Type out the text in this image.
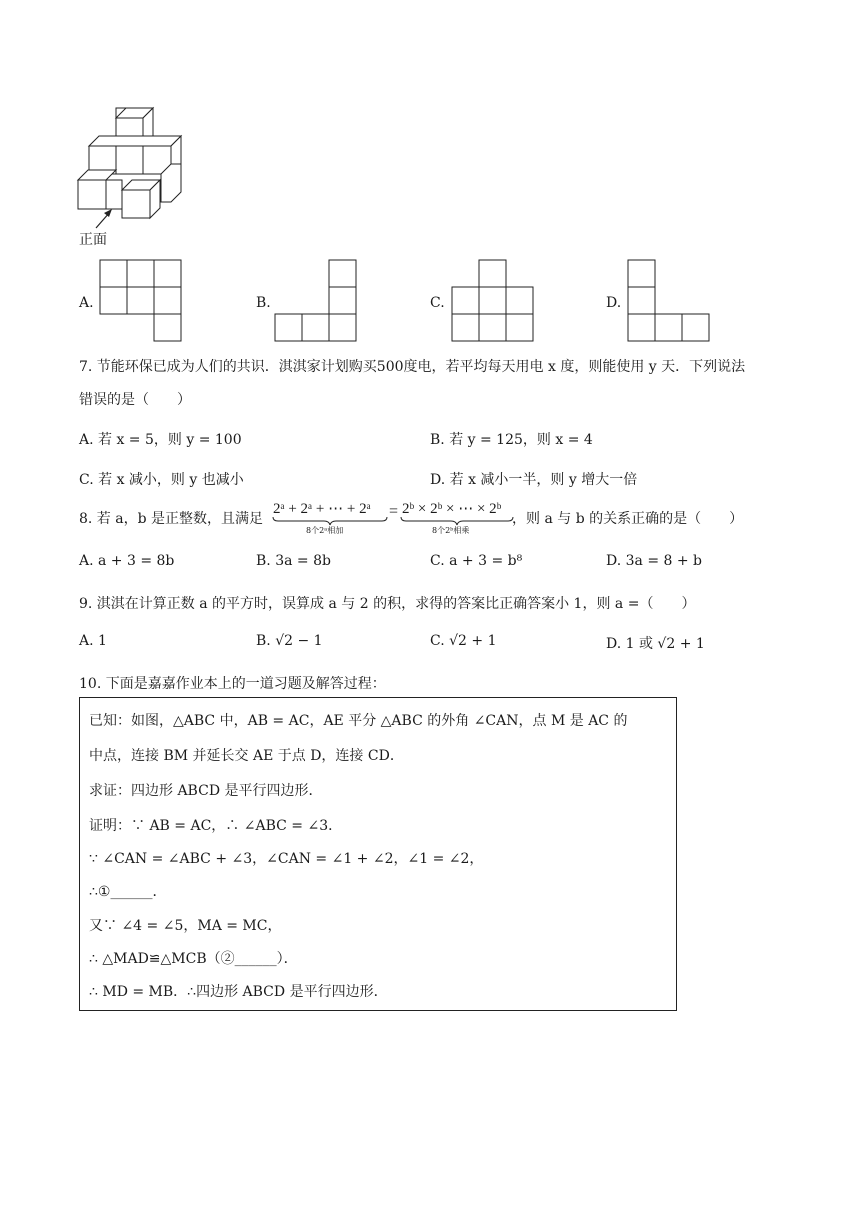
正面
A.	B.	C.	D.
7. 节能环保已成为人们的共识．淇淇家计划购买500度电，若平均每天用电 x 度，则能使用 y 天．下列说法
错误的是（　　）
A. 若 x = 5，则 y = 100	B. 若 y = 125，则 x = 4
C. 若 x 减小，则 y 也减小	D. 若 x 减小一半，则 y 增大一倍
8. 若 a，b 是正整数，且满足
2ᵃ + 2ᵃ + ⋯ + 2ᵃ
8个2ᵃ相加
= 2ᵇ × 2ᵇ × ⋯ × 2ᵇ
8个2ᵇ相乘
，则 a 与 b 的关系正确的是（　　）
A. a + 3 = 8b	B. 3a = 8b	C. a + 3 = b⁸	D. 3a = 8 + b
9. 淇淇在计算正数 a 的平方时，误算成 a 与 2 的积，求得的答案比正确答案小 1，则 a =（　　）
A. 1	B. √2 − 1	C. √2 + 1	D. 1 或 √2 + 1
10. 下面是嘉嘉作业本上的一道习题及解答过程：
已知：如图，△ABC 中，AB = AC，AE 平分 △ABC 的外角 ∠CAN，点 M 是 AC 的
中点，连接 BM 并延长交 AE 于点 D，连接 CD．
求证：四边形 ABCD 是平行四边形．
证明：∵ AB = AC，∴ ∠ABC = ∠3．
∵ ∠CAN = ∠ABC + ∠3，∠CAN = ∠1 + ∠2，∠1 = ∠2，
∴①______．
又∵ ∠4 = ∠5，MA = MC，
∴ △MAD≌△MCB（②______）．
∴ MD = MB．∴四边形 ABCD 是平行四边形．
